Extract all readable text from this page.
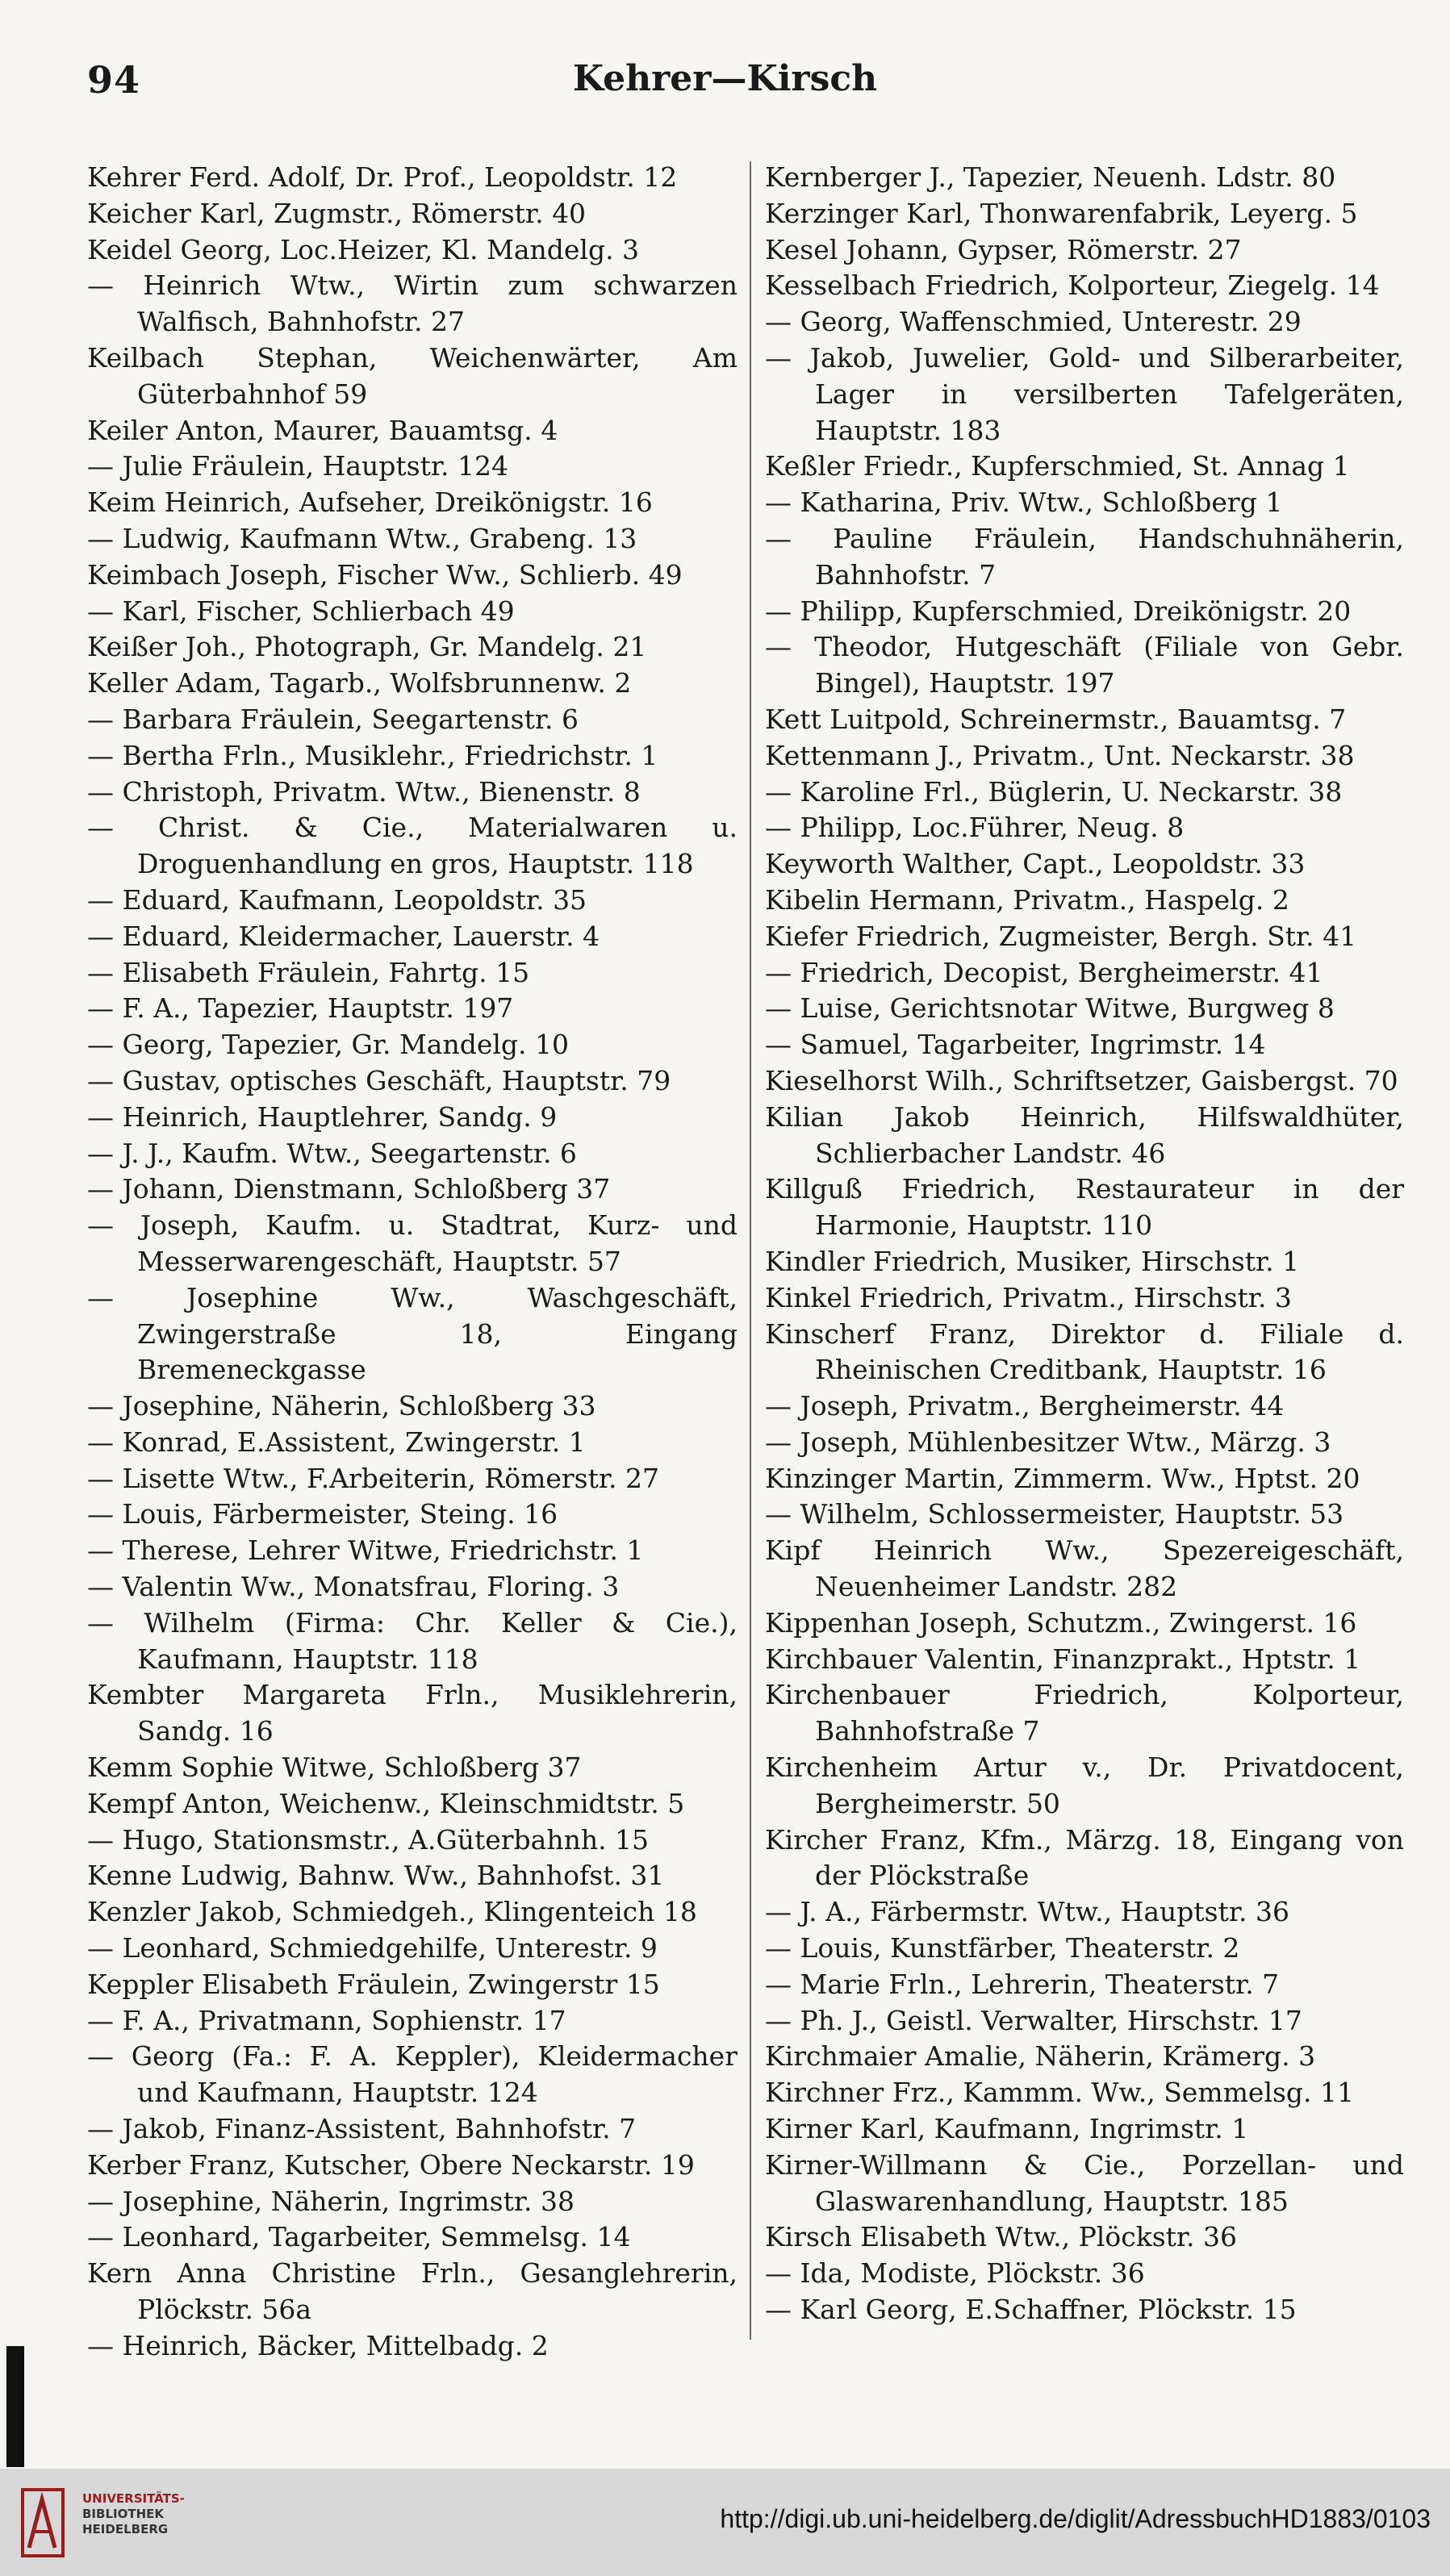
94	Kehrer—Kirsch
Kehrer Ferd. Adolf, Dr. Prof., Leopoldstr. 12
Keicher Karl, Zugmstr., Römerstr. 40
Keidel Georg, Loc.Heizer, Kl. Mandelg. 3
— Heinrich Wtw., Wirtin zum schwarzen Walfisch, Bahnhofstr. 27
Keilbach Stephan, Weichenwärter, Am Güterbahnhof 59
Keiler Anton, Maurer, Bauamtsg. 4
— Julie Fräulein, Hauptstr. 124
Keim Heinrich, Aufseher, Dreikönigstr. 16
— Ludwig, Kaufmann Wtw., Grabeng. 13
Keimbach Joseph, Fischer Ww., Schlierb. 49
— Karl, Fischer, Schlierbach 49
Keißer Joh., Photograph, Gr. Mandelg. 21
Keller Adam, Tagarb., Wolfsbrunnenw. 2
— Barbara Fräulein, Seegartenstr. 6
— Bertha Frln., Musiklehr., Friedrichstr. 1
— Christoph, Privatm. Wtw., Bienenstr. 8
— Christ. & Cie., Materialwaren u. Droguenhandlung en gros, Hauptstr. 118
— Eduard, Kaufmann, Leopoldstr. 35
— Eduard, Kleidermacher, Lauerstr. 4
— Elisabeth Fräulein, Fahrtg. 15
— F. A., Tapezier, Hauptstr. 197
— Georg, Tapezier, Gr. Mandelg. 10
— Gustav, optisches Geschäft, Hauptstr. 79
— Heinrich, Hauptlehrer, Sandg. 9
— J. J., Kaufm. Wtw., Seegartenstr. 6
— Johann, Dienstmann, Schloßberg 37
— Joseph, Kaufm. u. Stadtrat, Kurz- und Messerwarengeschäft, Hauptstr. 57
— Josephine Ww., Waschgeschäft, Zwingerstraße 18, Eingang Bremeneckgasse
— Josephine, Näherin, Schloßberg 33
— Konrad, E.Assistent, Zwingerstr. 1
— Lisette Wtw., F.Arbeiterin, Römerstr. 27
— Louis, Färbermeister, Steing. 16
— Therese, Lehrer Witwe, Friedrichstr. 1
— Valentin Ww., Monatsfrau, Floring. 3
— Wilhelm (Firma: Chr. Keller & Cie.), Kaufmann, Hauptstr. 118
Kembter Margareta Frln., Musiklehrerin, Sandg. 16
Kemm Sophie Witwe, Schloßberg 37
Kempf Anton, Weichenw., Kleinschmidtstr. 5
— Hugo, Stationsmstr., A.Güterbahnh. 15
Kenne Ludwig, Bahnw. Ww., Bahnhofst. 31
Kenzler Jakob, Schmiedgeh., Klingenteich 18
— Leonhard, Schmiedgehilfe, Unterestr. 9
Keppler Elisabeth Fräulein, Zwingerstr 15
— F. A., Privatmann, Sophienstr. 17
— Georg (Fa.: F. A. Keppler), Kleidermacher und Kaufmann, Hauptstr. 124
— Jakob, Finanz-Assistent, Bahnhofstr. 7
Kerber Franz, Kutscher, Obere Neckarstr. 19
— Josephine, Näherin, Ingrimstr. 38
— Leonhard, Tagarbeiter, Semmelsg. 14
Kern Anna Christine Frln., Gesanglehrerin, Plöckstr. 56a
— Heinrich, Bäcker, Mittelbadg. 2
Kernberger J., Tapezier, Neuenh. Ldstr. 80
Kerzinger Karl, Thonwarenfabrik, Leyerg. 5
Kesel Johann, Gypser, Römerstr. 27
Kesselbach Friedrich, Kolporteur, Ziegelg. 14
— Georg, Waffenschmied, Unterestr. 29
— Jakob, Juwelier, Gold- und Silberarbeiter, Lager in versilberten Tafelgeräten, Hauptstr. 183
Keßler Friedr., Kupferschmied, St. Annag 1
— Katharina, Priv. Wtw., Schloßberg 1
— Pauline Fräulein, Handschuhnäherin, Bahnhofstr. 7
— Philipp, Kupferschmied, Dreikönigstr. 20
— Theodor, Hutgeschäft (Filiale von Gebr. Bingel), Hauptstr. 197
Kett Luitpold, Schreinermstr., Bauamtsg. 7
Kettenmann J., Privatm., Unt. Neckarstr. 38
— Karoline Frl., Büglerin, U. Neckarstr. 38
— Philipp, Loc.Führer, Neug. 8
Keyworth Walther, Capt., Leopoldstr. 33
Kibelin Hermann, Privatm., Haspelg. 2
Kiefer Friedrich, Zugmeister, Bergh. Str. 41
— Friedrich, Decopist, Bergheimerstr. 41
— Luise, Gerichtsnotar Witwe, Burgweg 8
— Samuel, Tagarbeiter, Ingrimstr. 14
Kieselhorst Wilh., Schriftsetzer, Gaisbergst. 70
Kilian Jakob Heinrich, Hilfswaldhüter, Schlierbacher Landstr. 46
Killguß Friedrich, Restaurateur in der Harmonie, Hauptstr. 110
Kindler Friedrich, Musiker, Hirschstr. 1
Kinkel Friedrich, Privatm., Hirschstr. 3
Kinscherf Franz, Direktor d. Filiale d. Rheinischen Creditbank, Hauptstr. 16
— Joseph, Privatm., Bergheimerstr. 44
— Joseph, Mühlenbesitzer Wtw., Märzg. 3
Kinzinger Martin, Zimmerm. Ww., Hptst. 20
— Wilhelm, Schlossermeister, Hauptstr. 53
Kipf Heinrich Ww., Spezereigeschäft, Neuenheimer Landstr. 282
Kippenhan Joseph, Schutzm., Zwingerst. 16
Kirchbauer Valentin, Finanzprakt., Hptstr. 1
Kirchenbauer Friedrich, Kolporteur, Bahnhofstraße 7
Kirchenheim Artur v., Dr. Privatdocent, Bergheimerstr. 50
Kircher Franz, Kfm., Märzg. 18, Eingang von der Plöckstraße
— J. A., Färbermstr. Wtw., Hauptstr. 36
— Louis, Kunstfärber, Theaterstr. 2
— Marie Frln., Lehrerin, Theaterstr. 7
— Ph. J., Geistl. Verwalter, Hirschstr. 17
Kirchmaier Amalie, Näherin, Krämerg. 3
Kirchner Frz., Kammm. Ww., Semmelsg. 11
Kirner Karl, Kaufmann, Ingrimstr. 1
Kirner-Willmann & Cie., Porzellan- und Glaswarenhandlung, Hauptstr. 185
Kirsch Elisabeth Wtw., Plöckstr. 36
— Ida, Modiste, Plöckstr. 36
— Karl Georg, E.Schaffner, Plöckstr. 15
UNIVERSITÄTS-
BIBLIOTHEK
HEIDELBERG	http://digi.ub.uni-heidelberg.de/diglit/AdressbuchHD1883/0103
